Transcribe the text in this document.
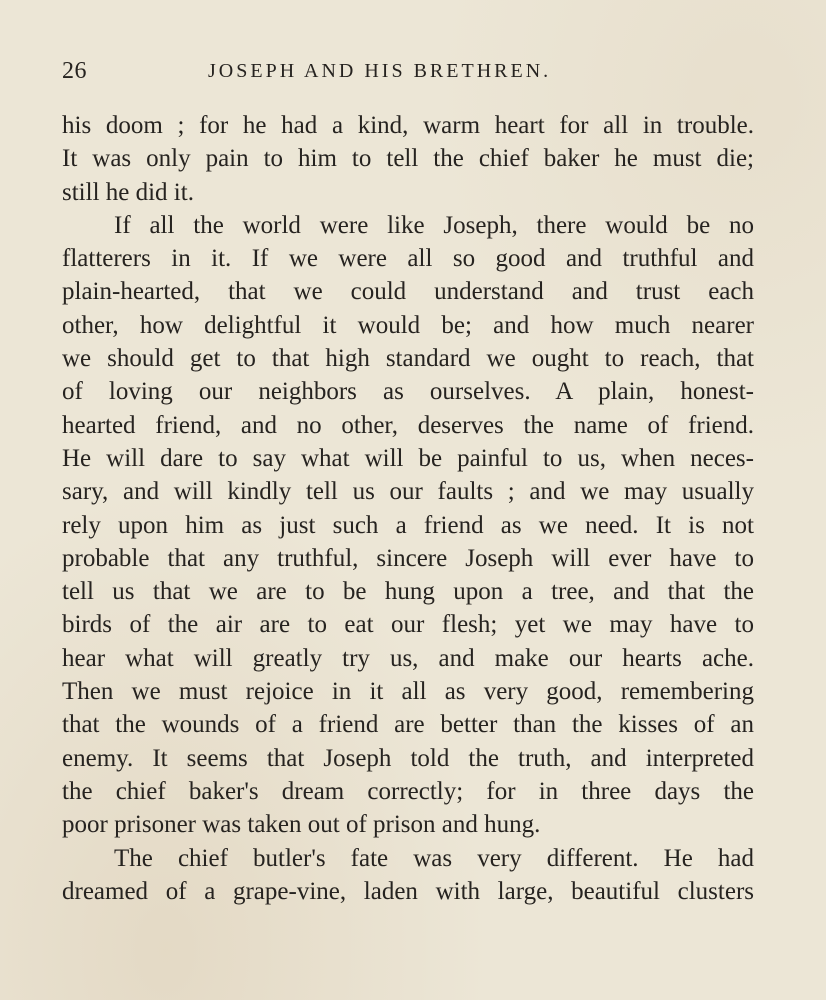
26	JOSEPH AND HIS BRETHREN.
his doom ; for he had a kind, warm heart for all in trouble.
It was only pain to him to tell the chief baker he must die;
still he did it.
If all the world were like Joseph, there would be no
flatterers in it. If we were all so good and truthful and
plain-hearted, that we could understand and trust each
other, how delightful it would be; and how much nearer
we should get to that high standard we ought to reach, that
of loving our neighbors as ourselves. A plain, honest-
hearted friend, and no other, deserves the name of friend.
He will dare to say what will be painful to us, when neces-
sary, and will kindly tell us our faults ; and we may usually
rely upon him as just such a friend as we need. It is not
probable that any truthful, sincere Joseph will ever have to
tell us that we are to be hung upon a tree, and that the
birds of the air are to eat our flesh; yet we may have to
hear what will greatly try us, and make our hearts ache.
Then we must rejoice in it all as very good, remembering
that the wounds of a friend are better than the kisses of an
enemy. It seems that Joseph told the truth, and interpreted
the chief baker's dream correctly; for in three days the
poor prisoner was taken out of prison and hung.
The chief butler's fate was very different. He had
dreamed of a grape-vine, laden with large, beautiful clusters
